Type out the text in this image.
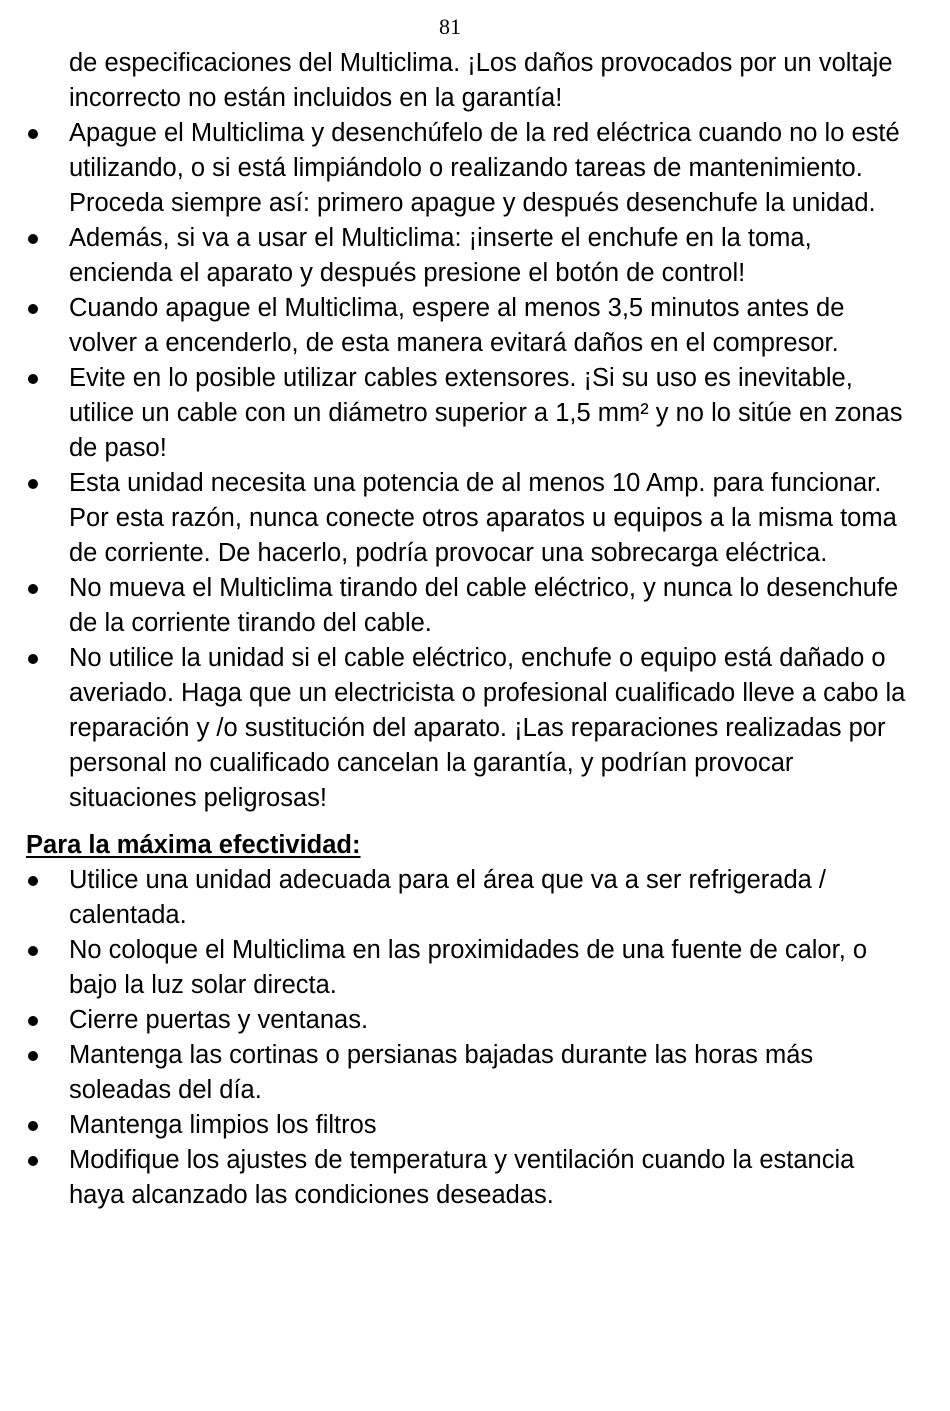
81

de especificaciones del Multiclima. ¡Los daños provocados por un voltaje incorrecto no están incluidos en la garantía!

Apague el Multiclima y desenchúfelo de la red eléctrica cuando no lo esté utilizando, o si está limpiándolo o realizando tareas de mantenimiento. Proceda siempre así: primero apague y después desenchufe la unidad.
Además, si va a usar el Multiclima: ¡inserte el enchufe en la toma, encienda el aparato y después presione el botón de control!
Cuando apague el Multiclima, espere al menos 3,5 minutos antes de volver a encenderlo, de esta manera evitará daños en el compresor.
Evite en lo posible utilizar cables extensores. ¡Si su uso es inevitable, utilice un cable con un diámetro superior a 1,5 mm² y no lo sitúe en zonas de paso!
Esta unidad necesita una potencia de al menos 10 Amp. para funcionar. Por esta razón, nunca conecte otros aparatos u equipos a la misma toma de corriente. De hacerlo, podría provocar una sobrecarga eléctrica.
No mueva el Multiclima tirando del cable eléctrico, y nunca lo desenchufe de la corriente tirando del cable.
No utilice la unidad si el cable eléctrico, enchufe o equipo está dañado o averiado. Haga que un electricista o profesional cualificado lleve a cabo la reparación y /o sustitución del aparato. ¡Las reparaciones realizadas por personal no cualificado cancelan la garantía, y podrían provocar situaciones peligrosas!

Para la máxima efectividad:

Utilice una unidad adecuada para el área que va a ser refrigerada / calentada.
No coloque el Multiclima en las proximidades de una fuente de calor, o bajo la luz solar directa.
Cierre puertas y ventanas.
Mantenga las cortinas o persianas bajadas durante las horas más soleadas del día.
Mantenga limpios los filtros
Modifique los ajustes de temperatura y ventilación cuando la estancia haya alcanzado las condiciones deseadas.
